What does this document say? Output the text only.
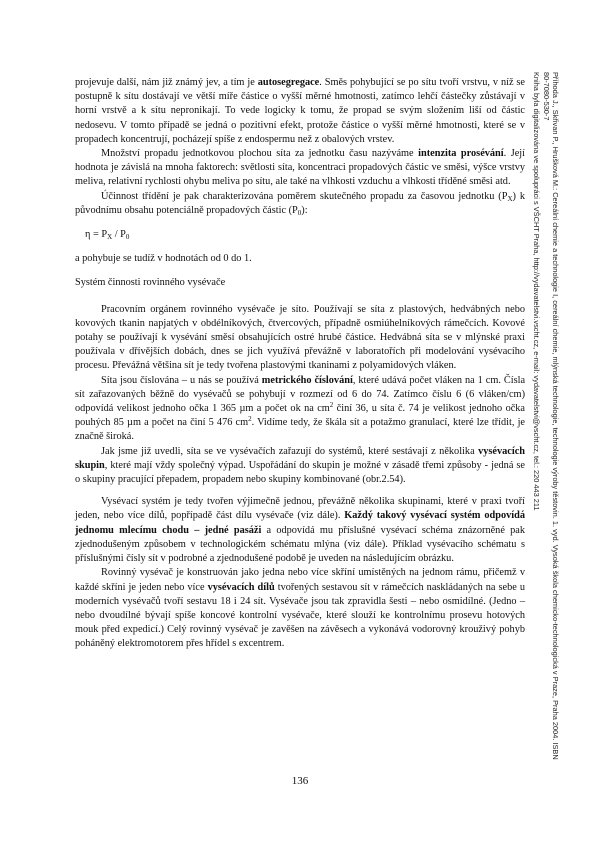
Příhoda J., Skřivan P., Hrušková M.: Cereální chemie a technologie I, cereální chemie, mlýnská technologie, technologie výroby těstovin. 1. vyd. Vysoká škola chemicko-technologická v Praze, Praha 2004. ISBN
80-7080-530-7
Kniha byla digitalizována ve spolupráci s VŠCHT Praha, http://vydavatelstvi.vscht.cz, e-mail: vydavatelstvi@vscht.cz, tel.: 220 443 211

projevuje další, nám již známý jev, a tím je autosegregace. Směs pohybující se po sítu tvoří vrstvu, v níž se postupně k sítu dostávají ve větší míře částice o vyšší měrné hmotnosti, zatímco lehčí částečky zůstávají v horní vrstvě a k sítu nepronikají. To vede logicky k tomu, že propad se svým složením liší od částic nedosevu. V tomto případě se jedná o pozitivní efekt, protože částice o vyšší měrné hmotnosti, které se v propadech koncentrují, pocházejí spíše z endospermu než z obalových vrstev.

Množství propadu jednotkovou plochou síta za jednotku času nazýváme intenzita prosévání. Její hodnota je závislá na mnoha faktorech: světlosti síta, koncentraci propadových částic ve směsi, výšce vrstvy meliva, relativní rychlosti ohybu meliva po sítu, ale také na vlhkosti vzduchu a vlhkosti tříděné směsi atd.

Účinnost třídění je pak charakterizována poměrem skutečného propadu za časovou jednotku $(P_X)$ k původnímu obsahu potenciálně propadových částic $(P_0)$:

$\eta = P_X / P_0$

a pohybuje se tudíž v hodnotách od 0 do 1.

Systém činnosti rovinného vysévače

Pracovním orgánem rovinného vysévače je síto. Používají se síta z plastových, hedvábných nebo kovových tkanin napjatých v obdélníkových, čtvercových, případně osmiúhelníkových rámečcích. Kovové potahy se používají k vysévání směsí obsahujících ostré hrubé částice. Hedvábná síta se v mlýnské praxi používala v dřívějších dobách, dnes se jich využívá převážně v laboratořích při modelování vysévacího procesu. Převážná většina sít je tedy tvořena plastovými tkaninami z polyamidových vláken.

Síta jsou číslována – u nás se používá metrického číslování, které udává počet vláken na 1 cm. Čísla sít zařazovaných běžně do vysévačů se pohybují v rozmezí od 6 do 74. Zatímco číslu 6 (6 vláken/cm) odpovídá velikost jednoho očka 1 365 µm a počet ok na $cm^2$ činí 36, u síta č. 74 je velikost jednoho očka pouhých 85 µm a počet na činí 5 476 $cm^2$. Vidíme tedy, že škála sít a potažmo granulací, které lze třídit, je značně široká.

Jak jsme již uvedli, síta se ve vysévačích zařazují do systémů, které sestávají z několika vysévacích skupin, které mají vždy společný výpad. Uspořádání do skupin je možné v zásadě třemi způsoby - jedná se o skupiny pracující přepadem, propadem nebo skupiny kombinované (obr.2.54).

Vysévací systém je tedy tvořen výjimečně jednou, převážně několika skupinami, které v praxi tvoří jeden, nebo více dílů, popřípadě část dílu vysévače (viz dále). Každý takový vysévací systém odpovídá jednomu mlecímu chodu – jedné pasáži a odpovídá mu příslušné vysévací schéma znázorněné pak zjednodušeným způsobem v technologickém schématu mlýna (viz dále). Příklad vysévacího schématu s příslušnými čísly sít v podrobné a zjednodušené podobě je uveden na následujícím obrázku.

Rovinný vysévač je konstruován jako jedna nebo více skříní umístěných na jednom rámu, přičemž v každé skříni je jeden nebo více vysévacích dílů tvořených sestavou sít v rámečcích naskládaných na sebe u moderních vysévačů tvoří sestavu 18 i 24 sít. Vysévače jsou tak zpravidla šesti – nebo osmidílné. (Jedno – nebo dvoudílné bývají spíše koncové kontrolní vysévače, které slouží ke kontrolnímu prosevu hotových mouk před expedicí.) Celý rovinný vysévač je zavěšen na závěsech a vykonává vodorovný krouživý pohyb poháněný elektromotorem přes hřídel s excentrem.

136
